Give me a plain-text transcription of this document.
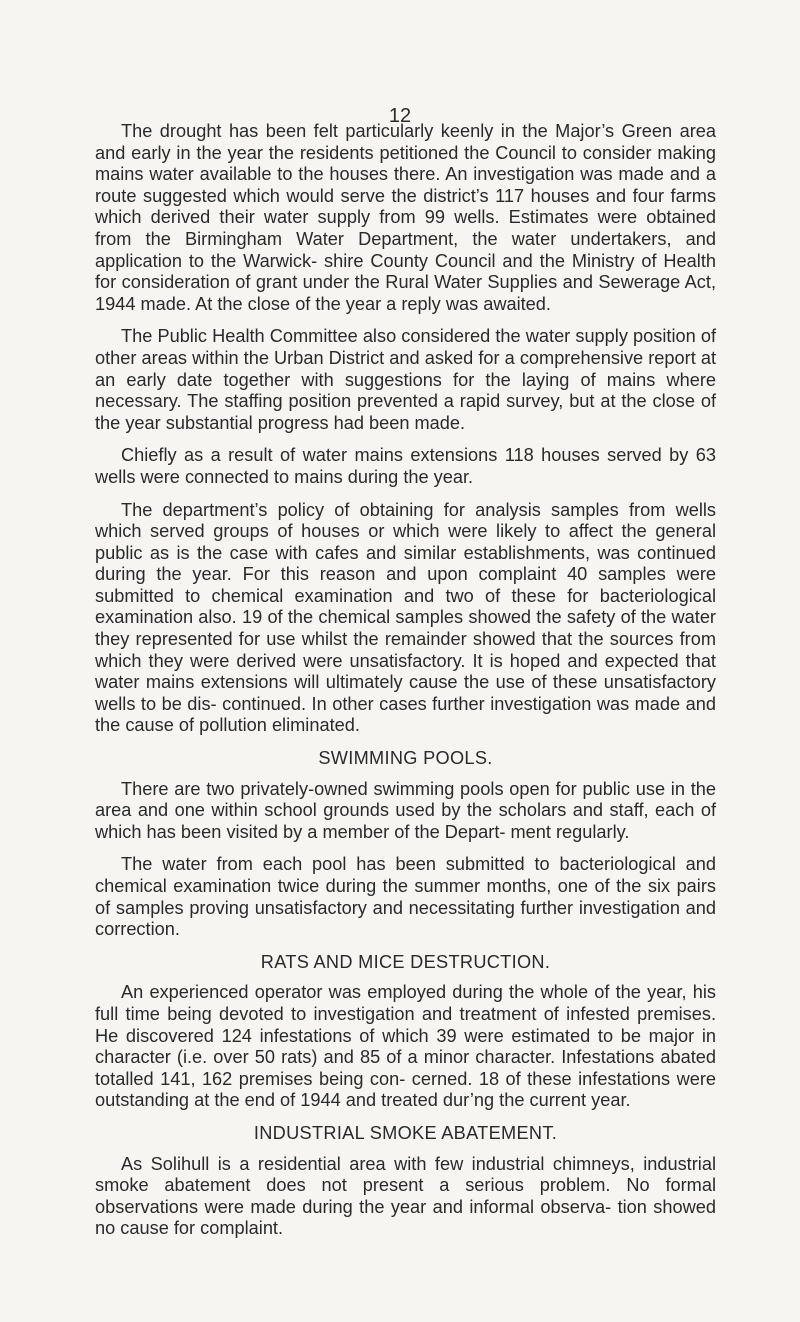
12

The drought has been felt particularly keenly in the Major’s Green area and early in the year the residents petitioned the Council to consider making mains water available to the houses there. An investigation was made and a route suggested which would serve the district’s 117 houses and four farms which derived their water supply from 99 wells. Estimates were obtained from the Birmingham Water Department, the water undertakers, and application to the Warwick- shire County Council and the Ministry of Health for consideration of grant under the Rural Water Supplies and Sewerage Act, 1944 made. At the close of the year a reply was awaited.

The Public Health Committee also considered the water supply position of other areas within the Urban District and asked for a comprehensive report at an early date together with suggestions for the laying of mains where necessary. The staffing position prevented a rapid survey, but at the close of the year substantial progress had been made.

Chiefly as a result of water mains extensions 118 houses served by 63 wells were connected to mains during the year.

The department’s policy of obtaining for analysis samples from wells which served groups of houses or which were likely to affect the general public as is the case with cafes and similar establishments, was continued during the year. For this reason and upon complaint 40 samples were submitted to chemical examination and two of these for bacteriological examination also. 19 of the chemical samples showed the safety of the water they represented for use whilst the remainder showed that the sources from which they were derived were unsatisfactory. It is hoped and expected that water mains extensions will ultimately cause the use of these unsatisfactory wells to be dis- continued. In other cases further investigation was made and the cause of pollution eliminated.

SWIMMING POOLS.

There are two privately-owned swimming pools open for public use in the area and one within school grounds used by the scholars and staff, each of which has been visited by a member of the Depart- ment regularly.

The water from each pool has been submitted to bacteriological and chemical examination twice during the summer months, one of the six pairs of samples proving unsatisfactory and necessitating further investigation and correction.

RATS AND MICE DESTRUCTION.

An experienced operator was employed during the whole of the year, his full time being devoted to investigation and treatment of infested premises. He discovered 124 infestations of which 39 were estimated to be major in character (i.e. over 50 rats) and 85 of a minor character. Infestations abated totalled 141, 162 premises being con- cerned. 18 of these infestations were outstanding at the end of 1944 and treated dur’ng the current year.

INDUSTRIAL SMOKE ABATEMENT.

As Solihull is a residential area with few industrial chimneys, industrial smoke abatement does not present a serious problem. No formal observations were made during the year and informal observa- tion showed no cause for complaint.
